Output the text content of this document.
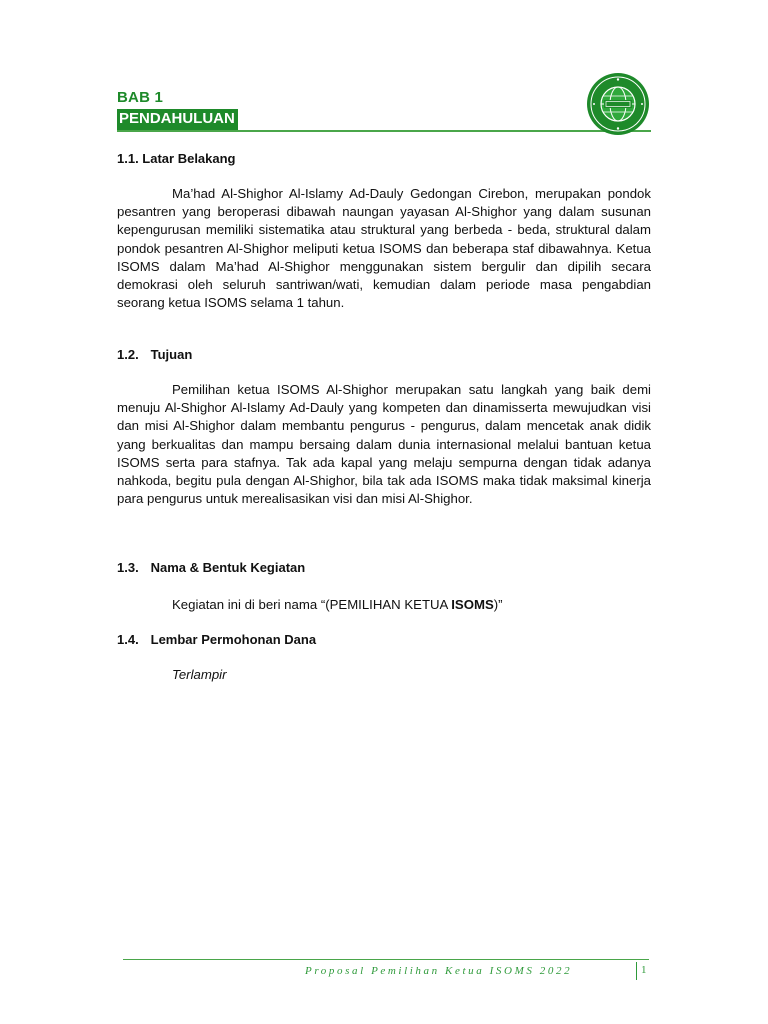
BAB 1
PENDAHULUAN
1.1. Latar Belakang

Ma’had Al-Shighor Al-Islamy Ad-Dauly Gedongan Cirebon, merupakan pondok pesantren yang beroperasi dibawah naungan yayasan Al-Shighor yang dalam susunan kepengurusan memiliki sistematika atau struktural yang berbeda - beda, struktural dalam pondok pesantren Al-Shighor meliputi ketua ISOMS dan beberapa staf dibawahnya. Ketua ISOMS dalam Ma’had Al-Shighor menggunakan sistem bergulir dan dipilih secara demokrasi oleh seluruh santriwan/wati, kemudian dalam periode masa pengabdian seorang ketua ISOMS selama 1 tahun.

1.2. Tujuan

Pemilihan ketua ISOMS Al-Shighor merupakan satu langkah yang baik demi menuju Al-Shighor Al-Islamy Ad-Dauly yang kompeten dan dinamisserta mewujudkan visi dan misi Al-Shighor dalam membantu pengurus - pengurus, dalam mencetak anak didik yang berkualitas dan mampu bersaing dalam dunia internasional melalui bantuan ketua ISOMS serta para stafnya. Tak ada kapal yang melaju sempurna dengan tidak adanya nahkoda, begitu pula dengan Al-Shighor, bila tak ada ISOMS maka tidak maksimal kinerja para pengurus untuk merealisasikan visi dan misi Al-Shighor.

1.3. Nama & Bentuk Kegiatan
Kegiatan ini di beri nama “(PEMILIHAN KETUA ISOMS)”
1.4. Lembar Permohonan Dana
Terlampir
Proposal Pemilihan Ketua ISOMS 2022	1
